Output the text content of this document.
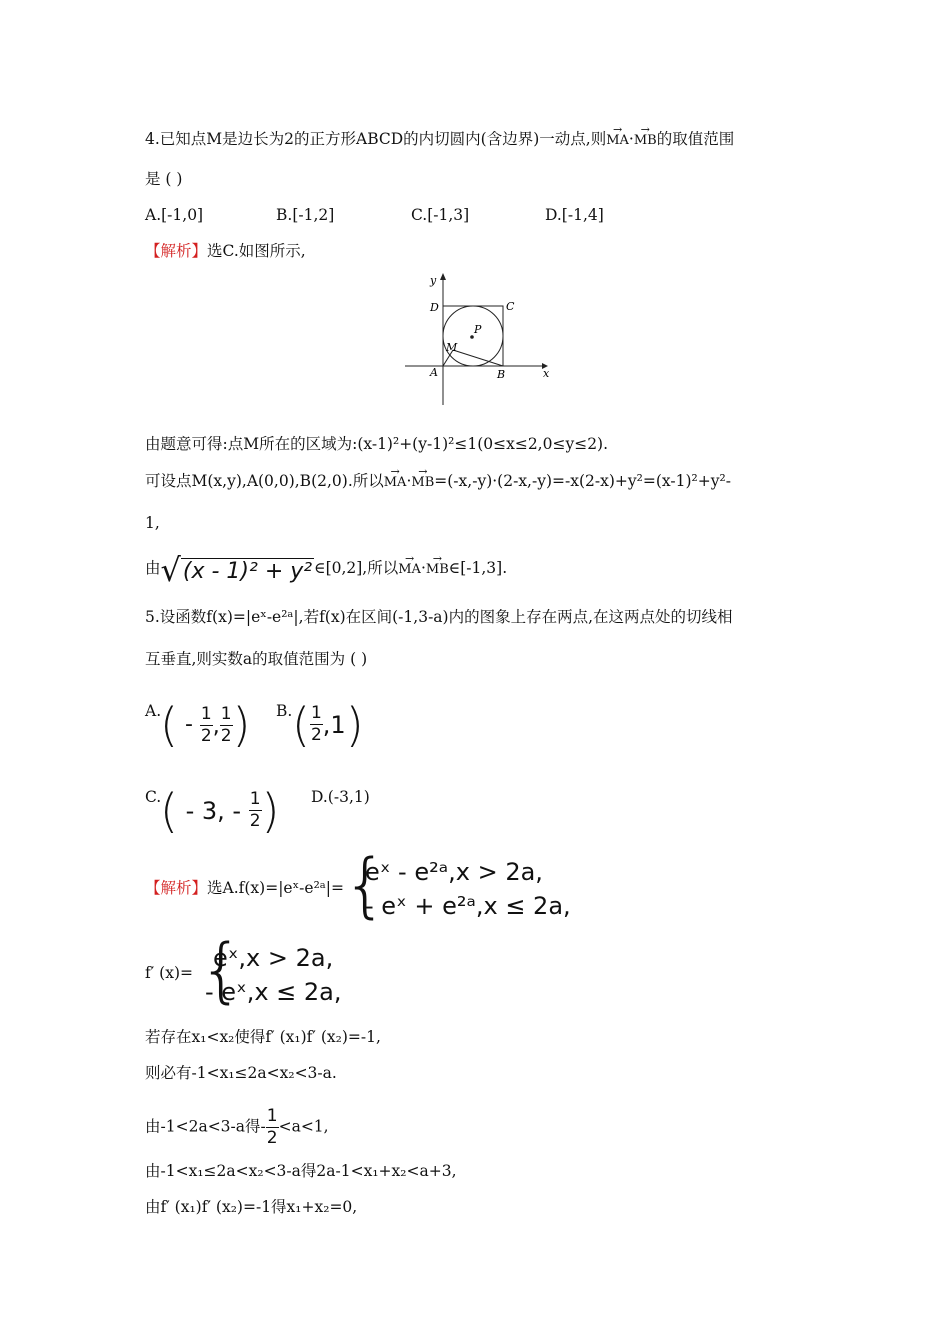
4.已知点M是边长为2的正方形ABCD的内切圆内(含边界)一动点,则→ MA·→ MB的取值范围
是 ( )
A.[-1,0]	B.[-1,2]	C.[-1,3]	D.[-1,4]
【解析】选C.如图所示,
y
x
D	C
P
M
A	B
由题意可得:点M所在的区域为:(x-1)²+(y-1)²≤1(0≤x≤2,0≤y≤2).
可设点M(x,y),A(0,0),B(2,0).所以→ MA·→ MB=(-x,-y)·(2-x,-y)=-x(2-x)+y²=(x-1)²+y²-
1,
由√(x - 1)² + y² ∈[0,2],所以→ MA·→ MB∈[-1,3].
5.设函数f(x)=|eˣ-e²ᵃ|,若f(x)在区间(-1,3-a)内的图象上存在两点,在这两点处的切线相
互垂直,则实数a的取值范围为 ( )
A.
( - $\frac{1}{2}$ , $\frac{1}{2}$ ) B. ( $\frac{1}{2} ,1$)
C.
( - 3, - $\frac{1}{2}$ ) D.(-3,1)
【解析】选A.f(x)=|eˣ-e²ᵃ|= {
eˣ - e²ᵃ,x > 2a,
- eˣ + e²ᵃ,x ≤ 2a,
f′ (x)= {
eˣ,x > 2a,
- eˣ,x ≤ 2a,
若存在x₁<x₂使得f′ (x₁)f′ (x₂)=-1,
则必有-1<x₁≤2a<x₂<3-a.
由-1<2a<3-a得- $\frac{1}{2} <a<1$,
由-1<x₁≤2a<x₂<3-a得2a-1<x₁+x₂<a+3,
由f′ (x₁)f′ (x₂)=-1得x₁+x₂=0,
